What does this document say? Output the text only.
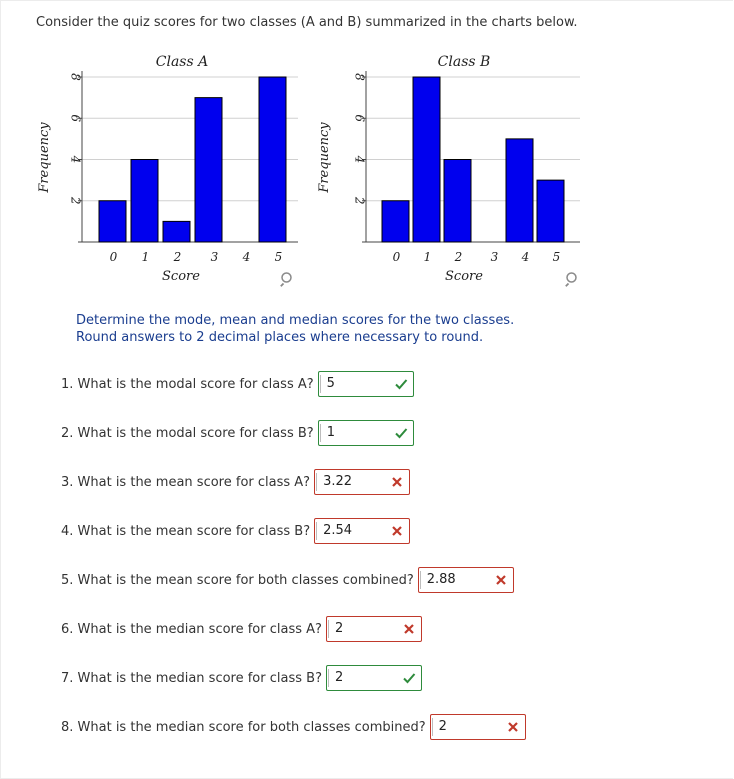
Consider the quiz scores for two classes (A and B) summarized in the charts below.
2
4
6
8
0 1 2 3 4 5
Class A
Score
Frequency
2
4
6
8
0 1 2 3 4 5
Class B
Score
Frequency
Determine the mode, mean and median scores for the two classes.
Round answers to 2 decimal places where necessary to round.
1. What is the modal score for class A?	5
2. What is the modal score for class B?	1
3. What is the mean score for class A?	3.22
4. What is the mean score for class B?	2.54
5. What is the mean score for both classes combined?	2.88
6. What is the median score for class A?	2
7. What is the median score for class B?	2
8. What is the median score for both classes combined?	2
